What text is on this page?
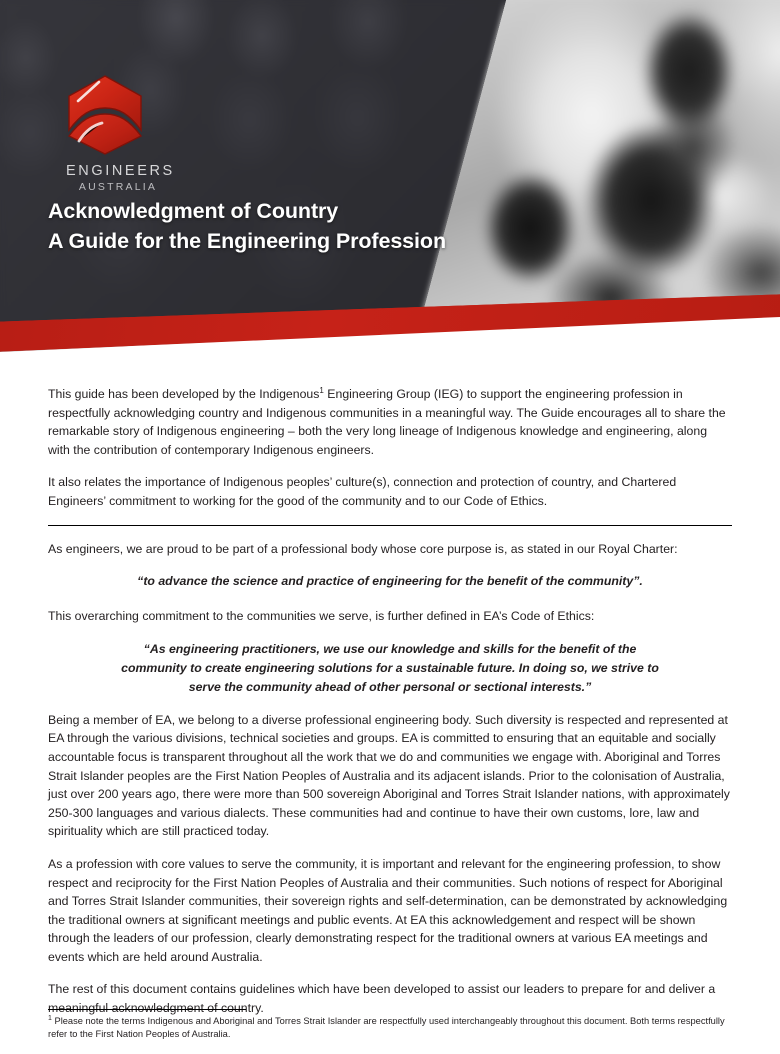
ENGINEERS
AUSTRALIA
Acknowledgment of Country
A Guide for the Engineering Profession

This guide has been developed by the Indigenous$^1$ Engineering Group (IEG) to support the engineering profession in respectfully acknowledging country and Indigenous communities in a meaningful way. The Guide encourages all to share the remarkable story of Indigenous engineering – both the very long lineage of Indigenous knowledge and engineering, along with the contribution of contemporary Indigenous engineers.

It also relates the importance of Indigenous peoples’ culture(s), connection and protection of country, and Chartered Engineers’ commitment to working for the good of the community and to our Code of Ethics.

As engineers, we are proud to be part of a professional body whose core purpose is, as stated in our Royal Charter:

“to advance the science and practice of engineering for the benefit of the community”.

This overarching commitment to the communities we serve, is further defined in EA’s Code of Ethics:

“As engineering practitioners, we use our knowledge and skills for the benefit of the community to create engineering solutions for a sustainable future. In doing so, we strive to serve the community ahead of other personal or sectional interests.”

Being a member of EA, we belong to a diverse professional engineering body. Such diversity is respected and represented at EA through the various divisions, technical societies and groups. EA is committed to ensuring that an equitable and socially accountable focus is transparent throughout all the work that we do and communities we engage with. Aboriginal and Torres Strait Islander peoples are the First Nation Peoples of Australia and its adjacent islands. Prior to the colonisation of Australia, just over 200 years ago, there were more than 500 sovereign Aboriginal and Torres Strait Islander nations, with approximately 250-300 languages and various dialects. These communities had and continue to have their own customs, lore, law and spirituality which are still practiced today.

As a profession with core values to serve the community, it is important and relevant for the engineering profession, to show respect and reciprocity for the First Nation Peoples of Australia and their communities. Such notions of respect for Aboriginal and Torres Strait Islander communities, their sovereign rights and self-determination, can be demonstrated by acknowledging the traditional owners at significant meetings and public events. At EA this acknowledgement and respect will be shown through the leaders of our profession, clearly demonstrating respect for the traditional owners at various EA meetings and events which are held around Australia.

The rest of this document contains guidelines which have been developed to assist our leaders to prepare for and deliver a meaningful acknowledgment of country.

$^1$ Please note the terms Indigenous and Aboriginal and Torres Strait Islander are respectfully used interchangeably throughout this document. Both terms respectfully refer to the First Nation Peoples of Australia.
